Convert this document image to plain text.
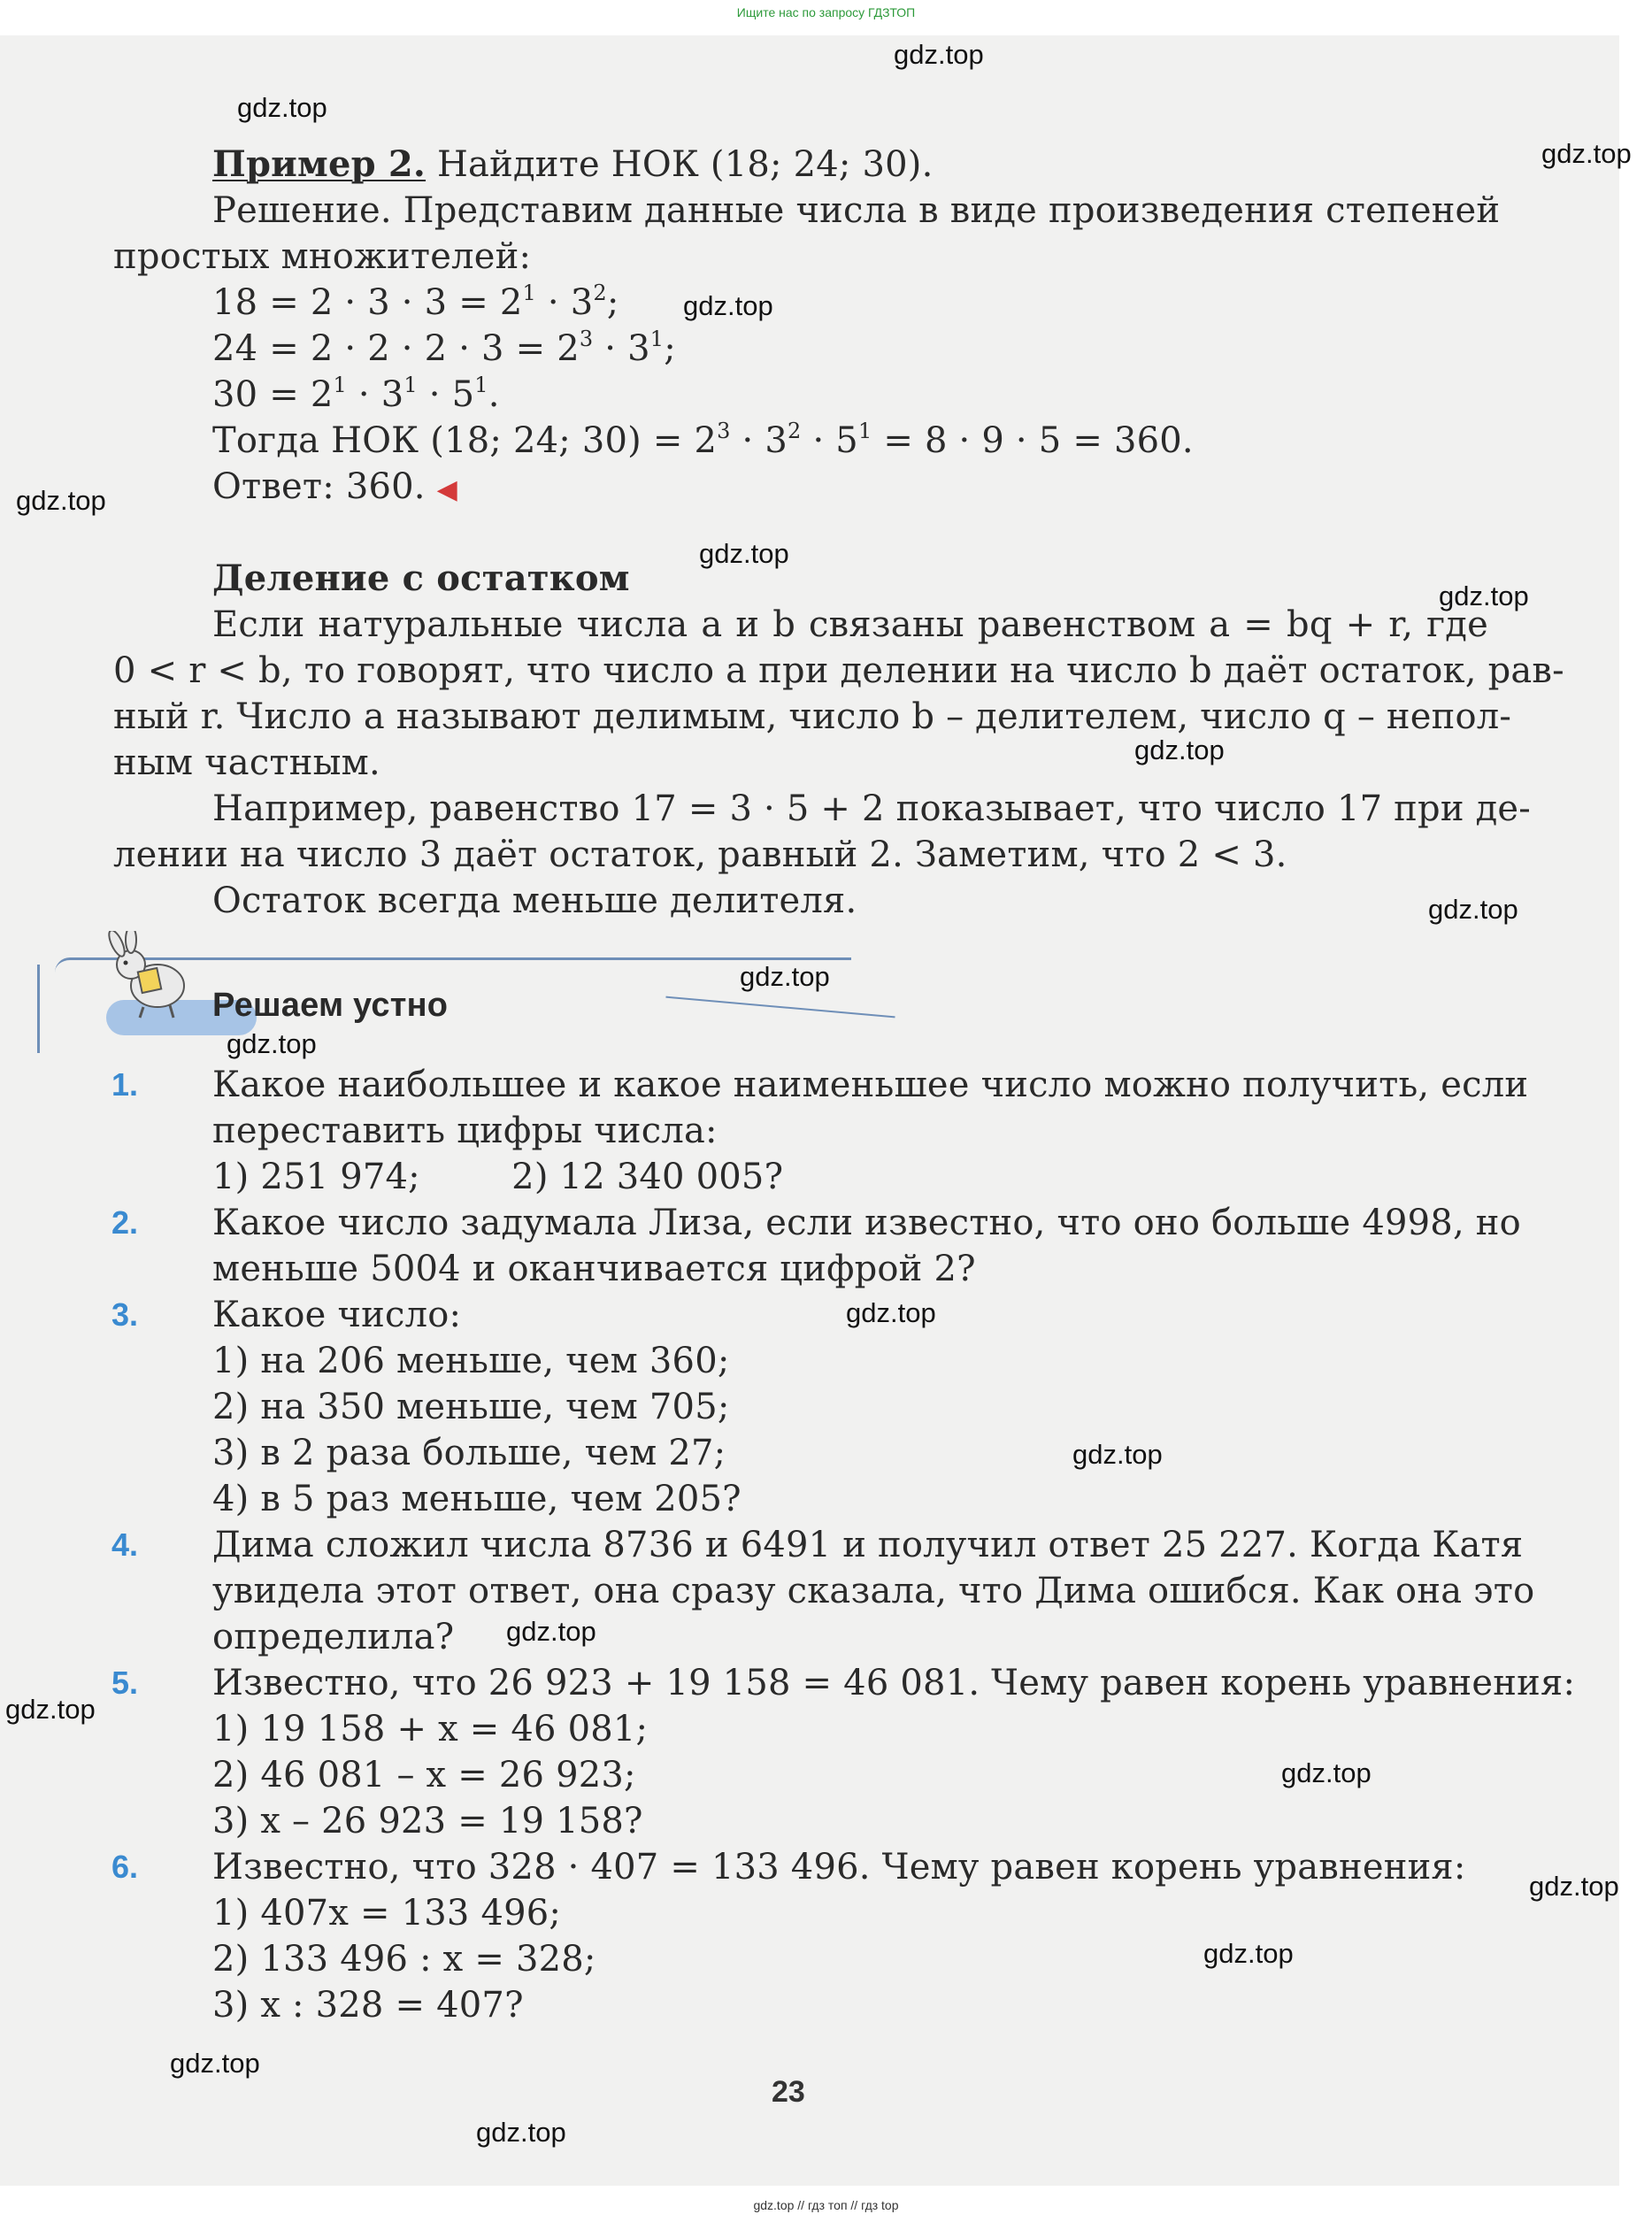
Ищите нас по запросу ГДЗТОП
Пример 2. Найдите НОК (18; 24; 30).
Решение. Представим данные числа в виде произведения степеней
простых множителей:
$18 = 2 \cdot 3 \cdot 3 = 2^1 \cdot 3^2$;
$24 = 2 \cdot 2 \cdot 2 \cdot 3 = 2^3 \cdot 3^1$;
$30 = 2^1 \cdot 3^1 \cdot 5^1$.
Тогда НОК (18; 24; $30) = 2^3 \cdot 3^2 \cdot 5^1 = 8 \cdot 9 \cdot 5 = 360$.
Ответ: 360. ◀
Деление с остатком
Если натуральные числа a и b связаны равенством a = bq + r, где
0 < r < b, то говорят, что число a при делении на число b даёт остаток, рав-
ный r. Число a называют делимым, число b – делителем, число q – непол-
ным частным.
Например, равенство 17 = 3 · 5 + 2 показывает, что число 17 при де-
лении на число 3 даёт остаток, равный 2. Заметим, что 2 < 3.
Остаток всегда меньше делителя.
Решаем устно
1. Какое наибольшее и какое наименьшее число можно получить, если
переставить цифры числа:
1) 251 974;        2) 12 340 005?
2. Какое число задумала Лиза, если известно, что оно больше 4998, но
меньше 5004 и оканчивается цифрой 2?
3. Какое число:
1) на 206 меньше, чем 360;
2) на 350 меньше, чем 705;
3) в 2 раза больше, чем 27;
4) в 5 раз меньше, чем 205?
4. Дима сложил числа 8736 и 6491 и получил ответ 25 227. Когда Катя
увидела этот ответ, она сразу сказала, что Дима ошибся. Как она это
определила?
5. Известно, что 26 923 + 19 158 = 46 081. Чему равен корень уравнения:
1) 19 158 + x = 46 081;
2) 46 081 – x = 26 923;
3) x – 26 923 = 19 158?
6. Известно, что 328 · 407 = 133 496. Чему равен корень уравнения:
1) 407x = 133 496;
2) 133 496 : x = 328;
3) x : 328 = 407?
23
gdz.top
gdz.top
gdz.top
gdz.top
gdz.top
gdz.top
gdz.top
gdz.top
gdz.top
gdz.top
gdz.top
gdz.top
gdz.top
gdz.top
gdz.top
gdz.top
gdz.top
gdz.top
gdz.top
gdz.top
gdz.top // гдз топ // гдз top
